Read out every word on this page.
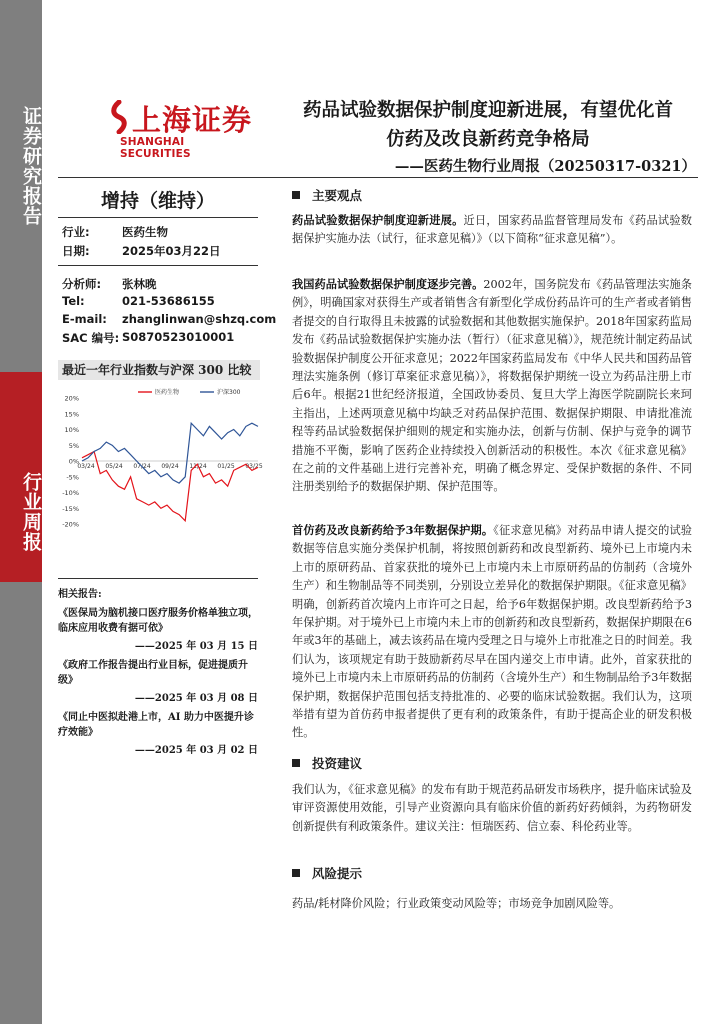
证券研究报告
行业周报
上海证券
SHANGHAI SECURITIES
药品试验数据保护制度迎新进展，有望优化首
仿药及改良新药竞争格局
——医药生物行业周报（20250317-0321）
增持（维持）
行业:	医药生物
日期:	2025年03月22日
分析师: 张林晚
Tel:	021-53686155
E-mail: zhanglinwan@shzq.com
SAC 编号: S0870523010001
最近一年行业指数与沪深 300 比较
20%
15%
10%
5%
0%
-5%
-10%
-15%
-20%
03/24 05/24 07/24 09/24 11/24 01/25 03/25
医药生物	沪深300
相关报告:
《医保局为脑机接口医疗服务价格单独立项，临床应用收费有据可依》
——2025 年 03 月 15 日
《政府工作报告提出行业目标，促进提质升级》
——2025 年 03 月 08 日
《同止中医拟赴港上市，AI 助力中医提升诊疗效能》
——2025 年 03 月 02 日
主要观点
药品试验数据保护制度迎新进展。近日，国家药品监督管理局发布《药品试验数据保护实施办法（试行，征求意见稿）》（以下简称“征求意见稿”）。
我国药品试验数据保护制度逐步完善。2002年，国务院发布《药品管理法实施条例》，明确国家对获得生产或者销售含有新型化学成份药品许可的生产者或者销售者提交的自行取得且未披露的试验数据和其他数据实施保护。2018年国家药监局发布《药品试验数据保护实施办法（暂行）（征求意见稿）》，规范统计制定药品试验数据保护制度公开征求意见；2022年国家药监局发布《中华人民共和国药品管理法实施条例（修订草案征求意见稿）》，将数据保护期统一设立为药品注册上市后6年。根据21世纪经济报道，全国政协委员、复旦大学上海医学院副院长来珂主指出，上述两项意见稿中均缺乏对药品保护范围、数据保护期限、申请批准流程等药品试验数据保护细则的规定和实施办法，创新与仿制、保护与竞争的调节措施不平衡，影响了医药企业持续投入创新活动的积极性。本次《征求意见稿》在之前的文件基础上进行完善补充，明确了概念界定、受保护数据的条件、不同注册类别给予的数据保护期、保护范围等。
首仿药及改良新药给予3年数据保护期。《征求意见稿》对药品申请人提交的试验数据等信息实施分类保护机制，将按照创新药和改良型新药、境外已上市境内未上市的原研药品、首家获批的境外已上市境内未上市原研药品的仿制药（含境外生产）和生物制品等不同类别，分别设立差异化的数据保护期限。《征求意见稿》明确，创新药首次境内上市许可之日起，给予6年数据保护期。改良型新药给予3年保护期。对于境外已上市境内未上市的创新药和改良型新药，数据保护期限在6年或3年的基础上，减去该药品在境内受理之日与境外上市批准之日的时间差。我们认为，该项规定有助于鼓励新药尽早在国内递交上市申请。此外，首家获批的境外已上市境内未上市原研药品的仿制药（含境外生产）和生物制品给予3年数据保护期，数据保护范围包括支持批准的、必要的临床试验数据。我们认为，这项举措有望为首仿药申报者提供了更有利的政策条件，有助于提高企业的研发积极性。
投资建议
我们认为，《征求意见稿》的发布有助于规范药品研发市场秩序，提升临床试验及审评资源使用效能，引导产业资源向具有临床价值的新药好药倾斜，为药物研发创新提供有利政策条件。建议关注：恒瑞医药、信立泰、科伦药业等。
风险提示
药品/耗材降价风险；行业政策变动风险等；市场竞争加剧风险等。
